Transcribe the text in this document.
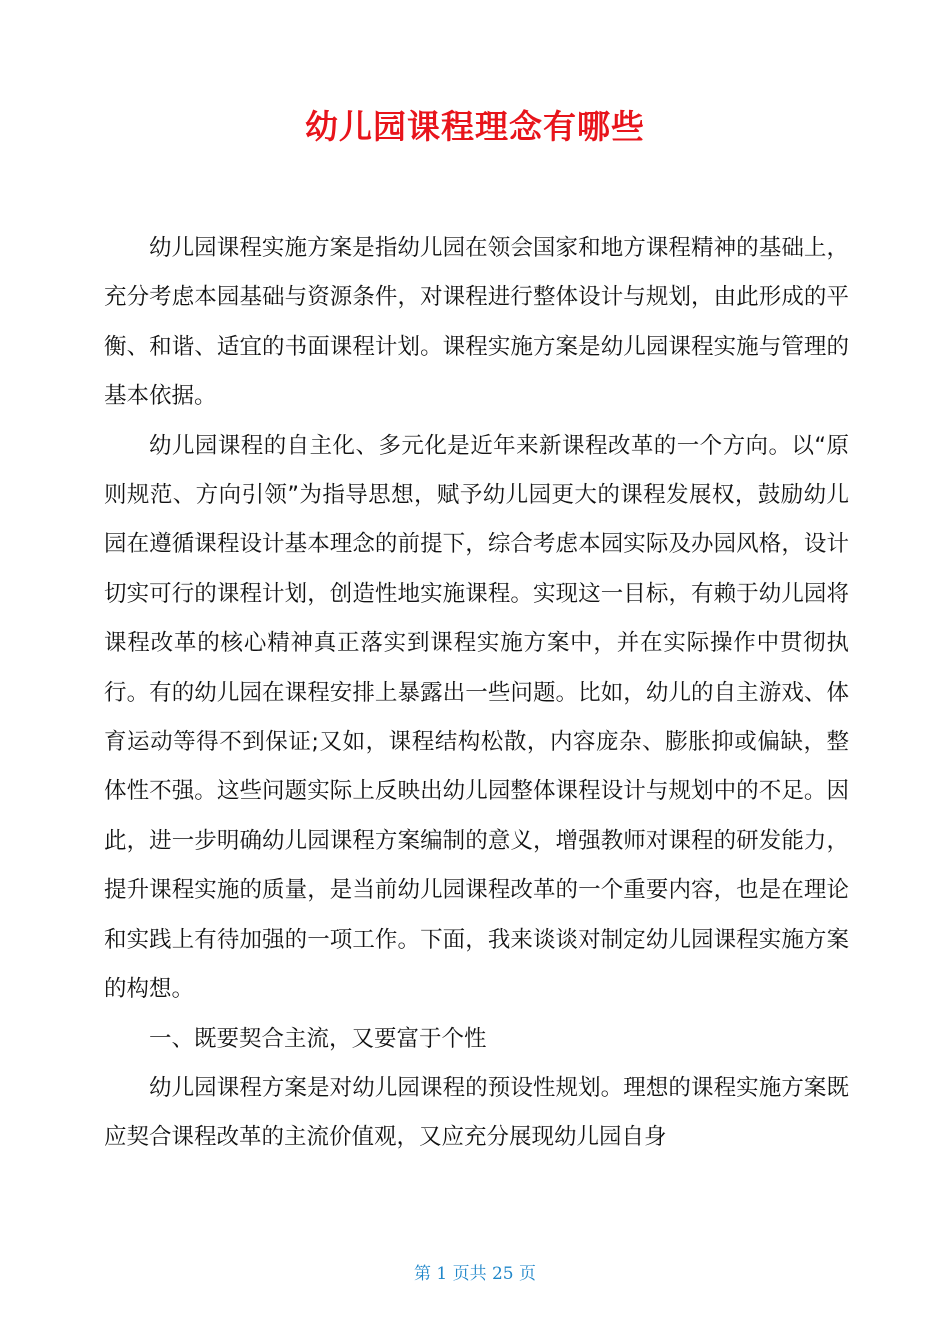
幼儿园课程理念有哪些

幼儿园课程实施方案是指幼儿园在领会国家和地方课程精神的基础上，充分考虑本园基础与资源条件，对课程进行整体设计与规划，由此形成的平衡、和谐、适宜的书面课程计划。课程实施方案是幼儿园课程实施与管理的基本依据。

幼儿园课程的自主化、多元化是近年来新课程改革的一个方向。以“原则规范、方向引领”为指导思想，赋予幼儿园更大的课程发展权，鼓励幼儿园在遵循课程设计基本理念的前提下，综合考虑本园实际及办园风格，设计切实可行的课程计划，创造性地实施课程。实现这一目标，有赖于幼儿园将课程改革的核心精神真正落实到课程实施方案中，并在实际操作中贯彻执行。有的幼儿园在课程安排上暴露出一些问题。比如，幼儿的自主游戏、体育运动等得不到保证;又如，课程结构松散，内容庞杂、膨胀抑或偏缺，整体性不强。这些问题实际上反映出幼儿园整体课程设计与规划中的不足。因此，进一步明确幼儿园课程方案编制的意义，增强教师对课程的研发能力，提升课程实施的质量，是当前幼儿园课程改革的一个重要内容，也是在理论和实践上有待加强的一项工作。下面，我来谈谈对制定幼儿园课程实施方案的构想。

一、既要契合主流，又要富于个性

幼儿园课程方案是对幼儿园课程的预设性规划。理想的课程实施方案既应契合课程改革的主流价值观，又应充分展现幼儿园自身

第 1 页共 25 页
